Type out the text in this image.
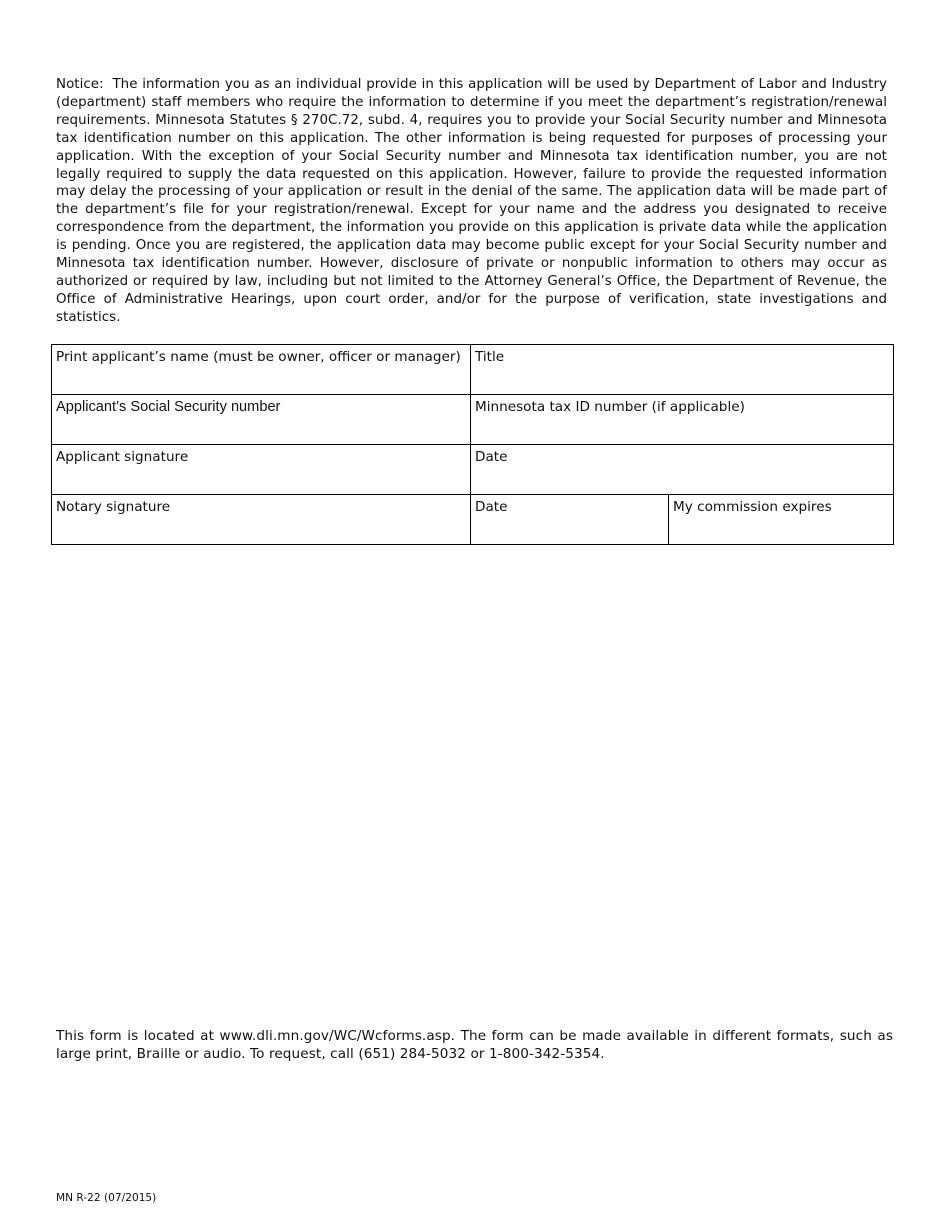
Notice: The information you as an individual provide in this application will be used by Department of Labor and Industry (department) staff members who require the information to determine if you meet the department’s registration/renewal requirements. Minnesota Statutes § 270C.72, subd. 4, requires you to provide your Social Security number and Minnesota tax identification number on this application. The other information is being requested for purposes of processing your application. With the exception of your Social Security number and Minnesota tax identification number, you are not legally required to supply the data requested on this application. However, failure to provide the requested information may delay the processing of your application or result in the denial of the same. The application data will be made part of the department’s file for your registration/renewal. Except for your name and the address you designated to receive correspondence from the department, the information you provide on this application is private data while the application is pending. Once you are registered, the application data may become public except for your Social Security number and Minnesota tax identification number. However, disclosure of private or nonpublic information to others may occur as authorized or required by law, including but not limited to the Attorney General’s Office, the Department of Revenue, the Office of Administrative Hearings, upon court order, and/or for the purpose of verification, state investigations and statistics.

Print applicant’s name (must be owner, officer or manager)	Title	
Applicant’s Social Security number	Minnesota tax ID number (if applicable)	
Applicant signature	Date	
Notary signature	Date	My commission expires

This form is located at www.dli.mn.gov/WC/Wcforms.asp. The form can be made available in different formats, such as large print, Braille or audio. To request, call (651) 284-5032 or 1-800-342-5354.

MN R-22 (07/2015)
